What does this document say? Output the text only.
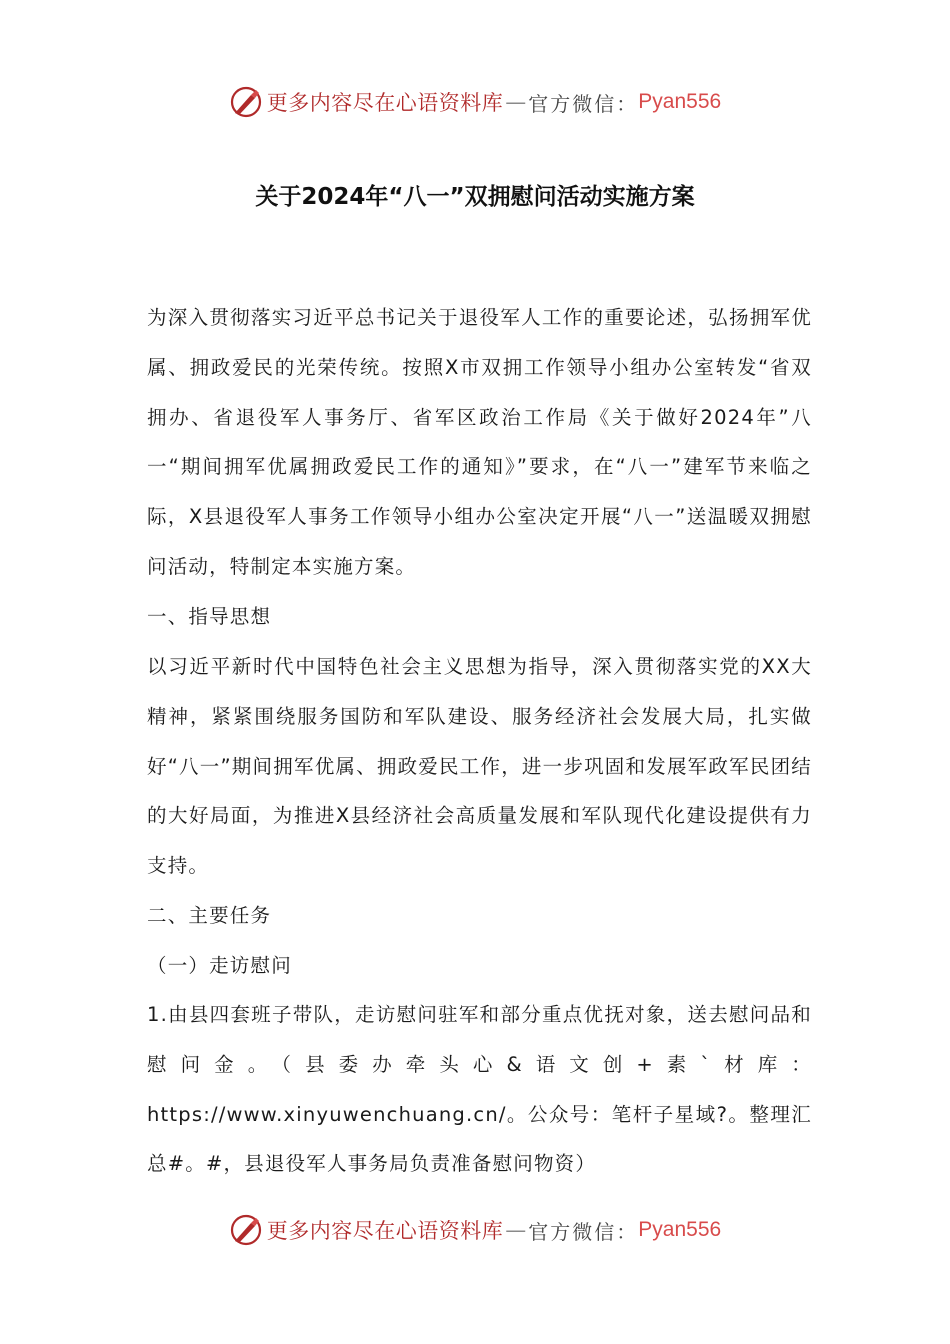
更多内容尽在心语资料库 — 官方微信： Pyan556
关于2024年“八一”双拥慰问活动实施方案

为深入贯彻落实习近平总书记关于退役军人工作的重要论述，弘扬拥军优属、拥政爱民的光荣传统。按照X市双拥工作领导小组办公室转发“省双拥办、省退役军人事务厅、省军区政治工作局《关于做好2024年”八一“期间拥军优属拥政爱民工作的通知》”要求，在“八一”建军节来临之际，X县退役军人事务工作领导小组办公室决定开展“八一”送温暖双拥慰问活动，特制定本实施方案。

一、指导思想

以习近平新时代中国特色社会主义思想为指导，深入贯彻落实党的XX大精神，紧紧围绕服务国防和军队建设、服务经济社会发展大局，扎实做好“八一”期间拥军优属、拥政爱民工作，进一步巩固和发展军政军民团结的大好局面，为推进X县经济社会高质量发展和军队现代化建设提供有力支持。

二、主要任务

（一）走访慰问

1.由县四套班子带队，走访慰问驻军和部分重点优抚对象，送去慰问品和慰问金。（县委办牵头心&语文创+素`材库：https://www.xinyuwenchuang.cn/。公众号：笔杆子星域?。整理汇总#。#，县退役军人事务局负责准备慰问物资）

更多内容尽在心语资料库 — 官方微信： Pyan556
